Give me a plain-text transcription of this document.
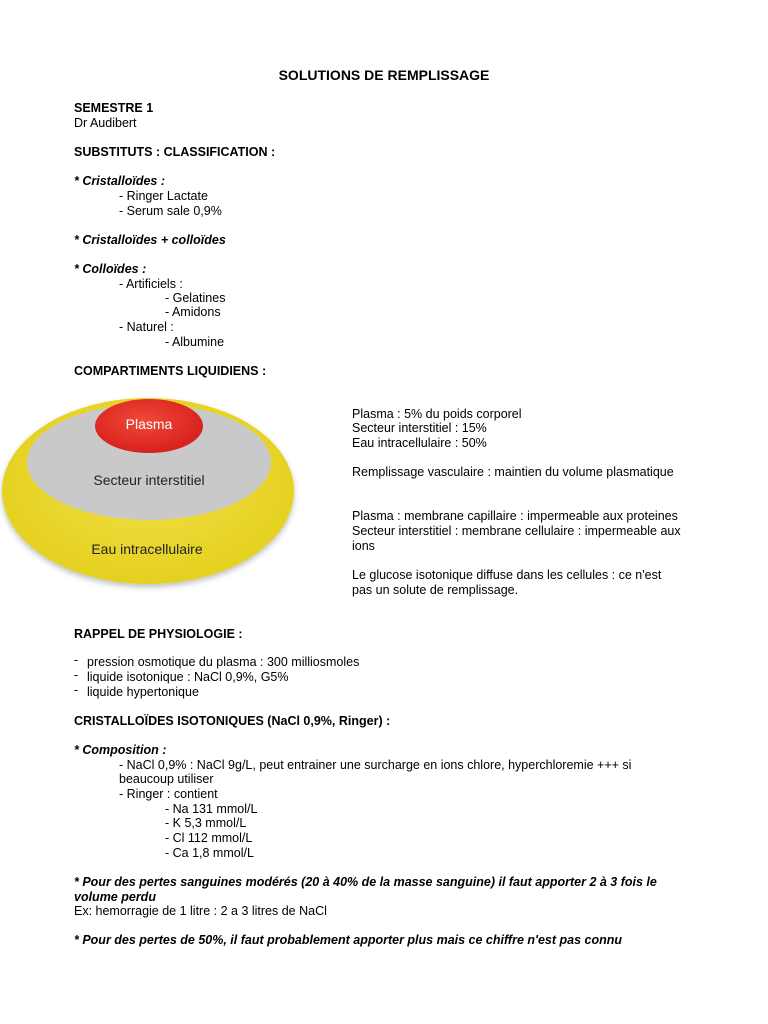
SOLUTIONS DE REMPLISSAGE
SEMESTRE 1
Dr Audibert
SUBSTITUTS : CLASSIFICATION :
* Cristalloïdes :
- Ringer Lactate
- Serum sale 0,9%
* Cristalloïdes + colloïdes
* Colloïdes :
- Artificiels :
- Gelatines
- Amidons
- Naturel :
- Albumine
COMPARTIMENTS LIQUIDIENS :
Plasma
Secteur interstitiel
Eau intracellulaire
Plasma : 5% du poids corporel
Secteur interstitiel : 15%
Eau intracellulaire : 50%
Remplissage vasculaire : maintien du volume plasmatique
Plasma : membrane capillaire : impermeable aux proteines
Secteur interstitiel : membrane cellulaire : impermeable aux
ions
Le glucose isotonique diffuse dans les cellules : ce n'est
pas un solute de remplissage.
RAPPEL DE PHYSIOLOGIE :
- pression osmotique du plasma : 300 milliosmoles
- liquide isotonique : NaCl 0,9%, G5%
- liquide hypertonique
CRISTALLOÏDES ISOTONIQUES (NaCl 0,9%, Ringer) :
* Composition :
- NaCl 0,9% : NaCl 9g/L, peut entrainer une surcharge en ions chlore, hyperchloremie +++ si
beaucoup utiliser
- Ringer : contient
- Na 131 mmol/L
- K 5,3 mmol/L
- Cl 112 mmol/L
- Ca 1,8 mmol/L
* Pour des pertes sanguines modérés (20 à 40% de la masse sanguine) il faut apporter 2 à 3 fois le
volume perdu
Ex: hemorragie de 1 litre : 2 a 3 litres de NaCl
* Pour des pertes de 50%, il faut probablement apporter plus mais ce chiffre n'est pas connu
